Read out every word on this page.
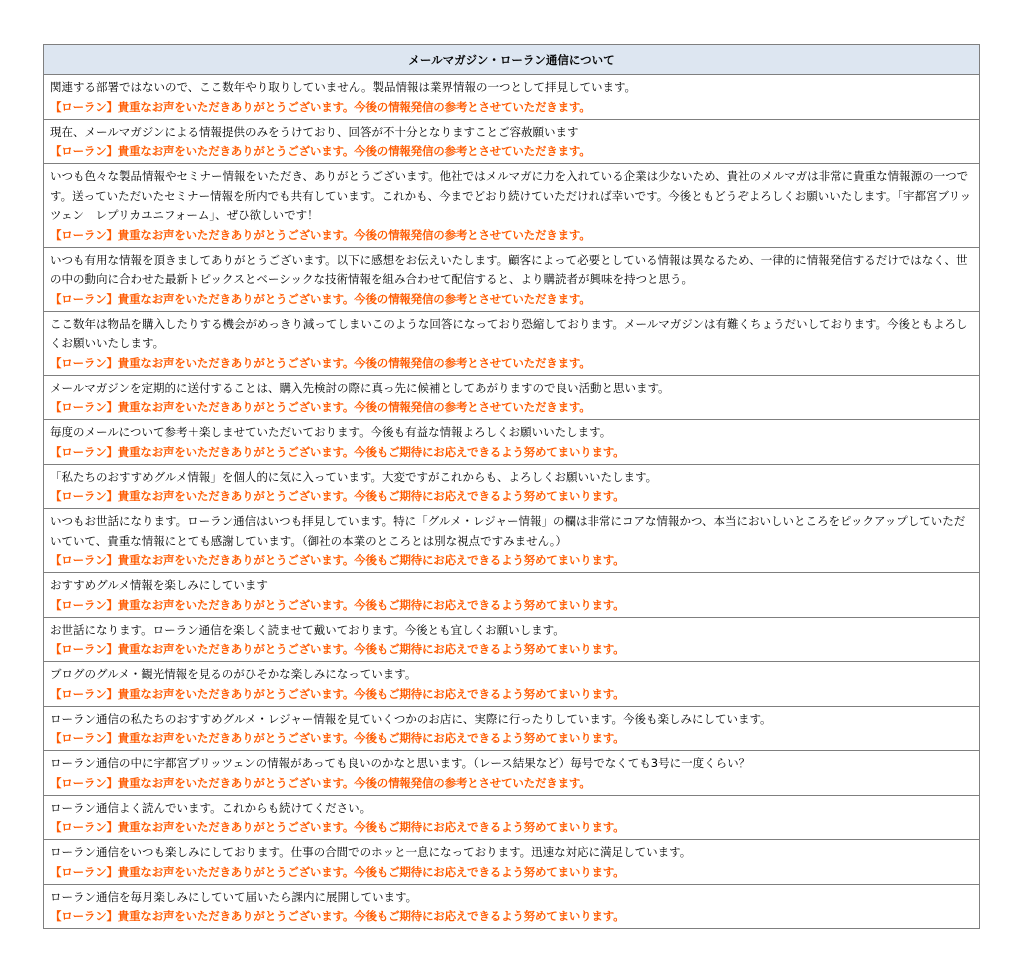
メールマガジン・ローラン通信について

関連する部署ではないので、ここ数年やり取りしていません。製品情報は業界情報の一つとして拝見しています。
【ローラン】貴重なお声をいただきありがとうございます。今後の情報発信の参考とさせていただきます。

現在、メールマガジンによる情報提供のみをうけており、回答が不十分となりますことご容赦願います
【ローラン】貴重なお声をいただきありがとうございます。今後の情報発信の参考とさせていただきます。

いつも色々な製品情報やセミナー情報をいただき、ありがとうございます。他社ではメルマガに力を入れている企業は少ないため、貴社のメルマガは非常に貴重な情報源の一つです。送っていただいたセミナー情報を所内でも共有しています。これかも、今までどおり続けていただければ幸いです。今後ともどうぞよろしくお願いいたします。「宇都宮ブリッツェン　レプリカユニフォーム」、ぜひ欲しいです！
【ローラン】貴重なお声をいただきありがとうございます。今後の情報発信の参考とさせていただきます。

いつも有用な情報を頂きましてありがとうございます。以下に感想をお伝えいたします。顧客によって必要としている情報は異なるため、一律的に情報発信するだけではなく、世の中の動向に合わせた最新トピックスとベーシックな技術情報を組み合わせて配信すると、より購読者が興味を持つと思う。
【ローラン】貴重なお声をいただきありがとうございます。今後の情報発信の参考とさせていただきます。

ここ数年は物品を購入したりする機会がめっきり減ってしまいこのような回答になっており恐縮しております。メールマガジンは有難くちょうだいしております。今後ともよろしくお願いいたします。
【ローラン】貴重なお声をいただきありがとうございます。今後の情報発信の参考とさせていただきます。

メールマガジンを定期的に送付することは、購入先検討の際に真っ先に候補としてあがりますので良い活動と思います。
【ローラン】貴重なお声をいただきありがとうございます。今後の情報発信の参考とさせていただきます。

毎度のメールについて参考＋楽しませていただいております。今後も有益な情報よろしくお願いいたします。
【ローラン】貴重なお声をいただきありがとうございます。今後もご期待にお応えできるよう努めてまいります。

「私たちのおすすめグルメ情報」を個人的に気に入っています。大変ですがこれからも、よろしくお願いいたします。
【ローラン】貴重なお声をいただきありがとうございます。今後もご期待にお応えできるよう努めてまいります。

いつもお世話になります。ローラン通信はいつも拝見しています。特に「グルメ・レジャー情報」の欄は非常にコアな情報かつ、本当においしいところをピックアップしていただいていて、貴重な情報にとても感謝しています。（御社の本業のところとは別な視点ですみません。）
【ローラン】貴重なお声をいただきありがとうございます。今後もご期待にお応えできるよう努めてまいります。

おすすめグルメ情報を楽しみにしています
【ローラン】貴重なお声をいただきありがとうございます。今後もご期待にお応えできるよう努めてまいります。

お世話になります。ローラン通信を楽しく読ませて戴いております。今後とも宜しくお願いします。
【ローラン】貴重なお声をいただきありがとうございます。今後もご期待にお応えできるよう努めてまいります。

ブログのグルメ・観光情報を見るのがひそかな楽しみになっています。
【ローラン】貴重なお声をいただきありがとうございます。今後もご期待にお応えできるよう努めてまいります。

ローラン通信の私たちのおすすめグルメ・レジャー情報を見ていくつかのお店に、実際に行ったりしています。今後も楽しみにしています。
【ローラン】貴重なお声をいただきありがとうございます。今後もご期待にお応えできるよう努めてまいります。

ローラン通信の中に宇都宮ブリッツェンの情報があっても良いのかなと思います。（レース結果など）毎号でなくても3号に一度くらい？
【ローラン】貴重なお声をいただきありがとうございます。今後の情報発信の参考とさせていただきます。

ローラン通信よく読んでいます。これからも続けてください。
【ローラン】貴重なお声をいただきありがとうございます。今後もご期待にお応えできるよう努めてまいります。

ローラン通信をいつも楽しみにしております。仕事の合間でのホッと一息になっております。迅速な対応に満足しています。
【ローラン】貴重なお声をいただきありがとうございます。今後もご期待にお応えできるよう努めてまいります。

ローラン通信を毎月楽しみにしていて届いたら課内に展開しています。
【ローラン】貴重なお声をいただきありがとうございます。今後もご期待にお応えできるよう努めてまいります。
